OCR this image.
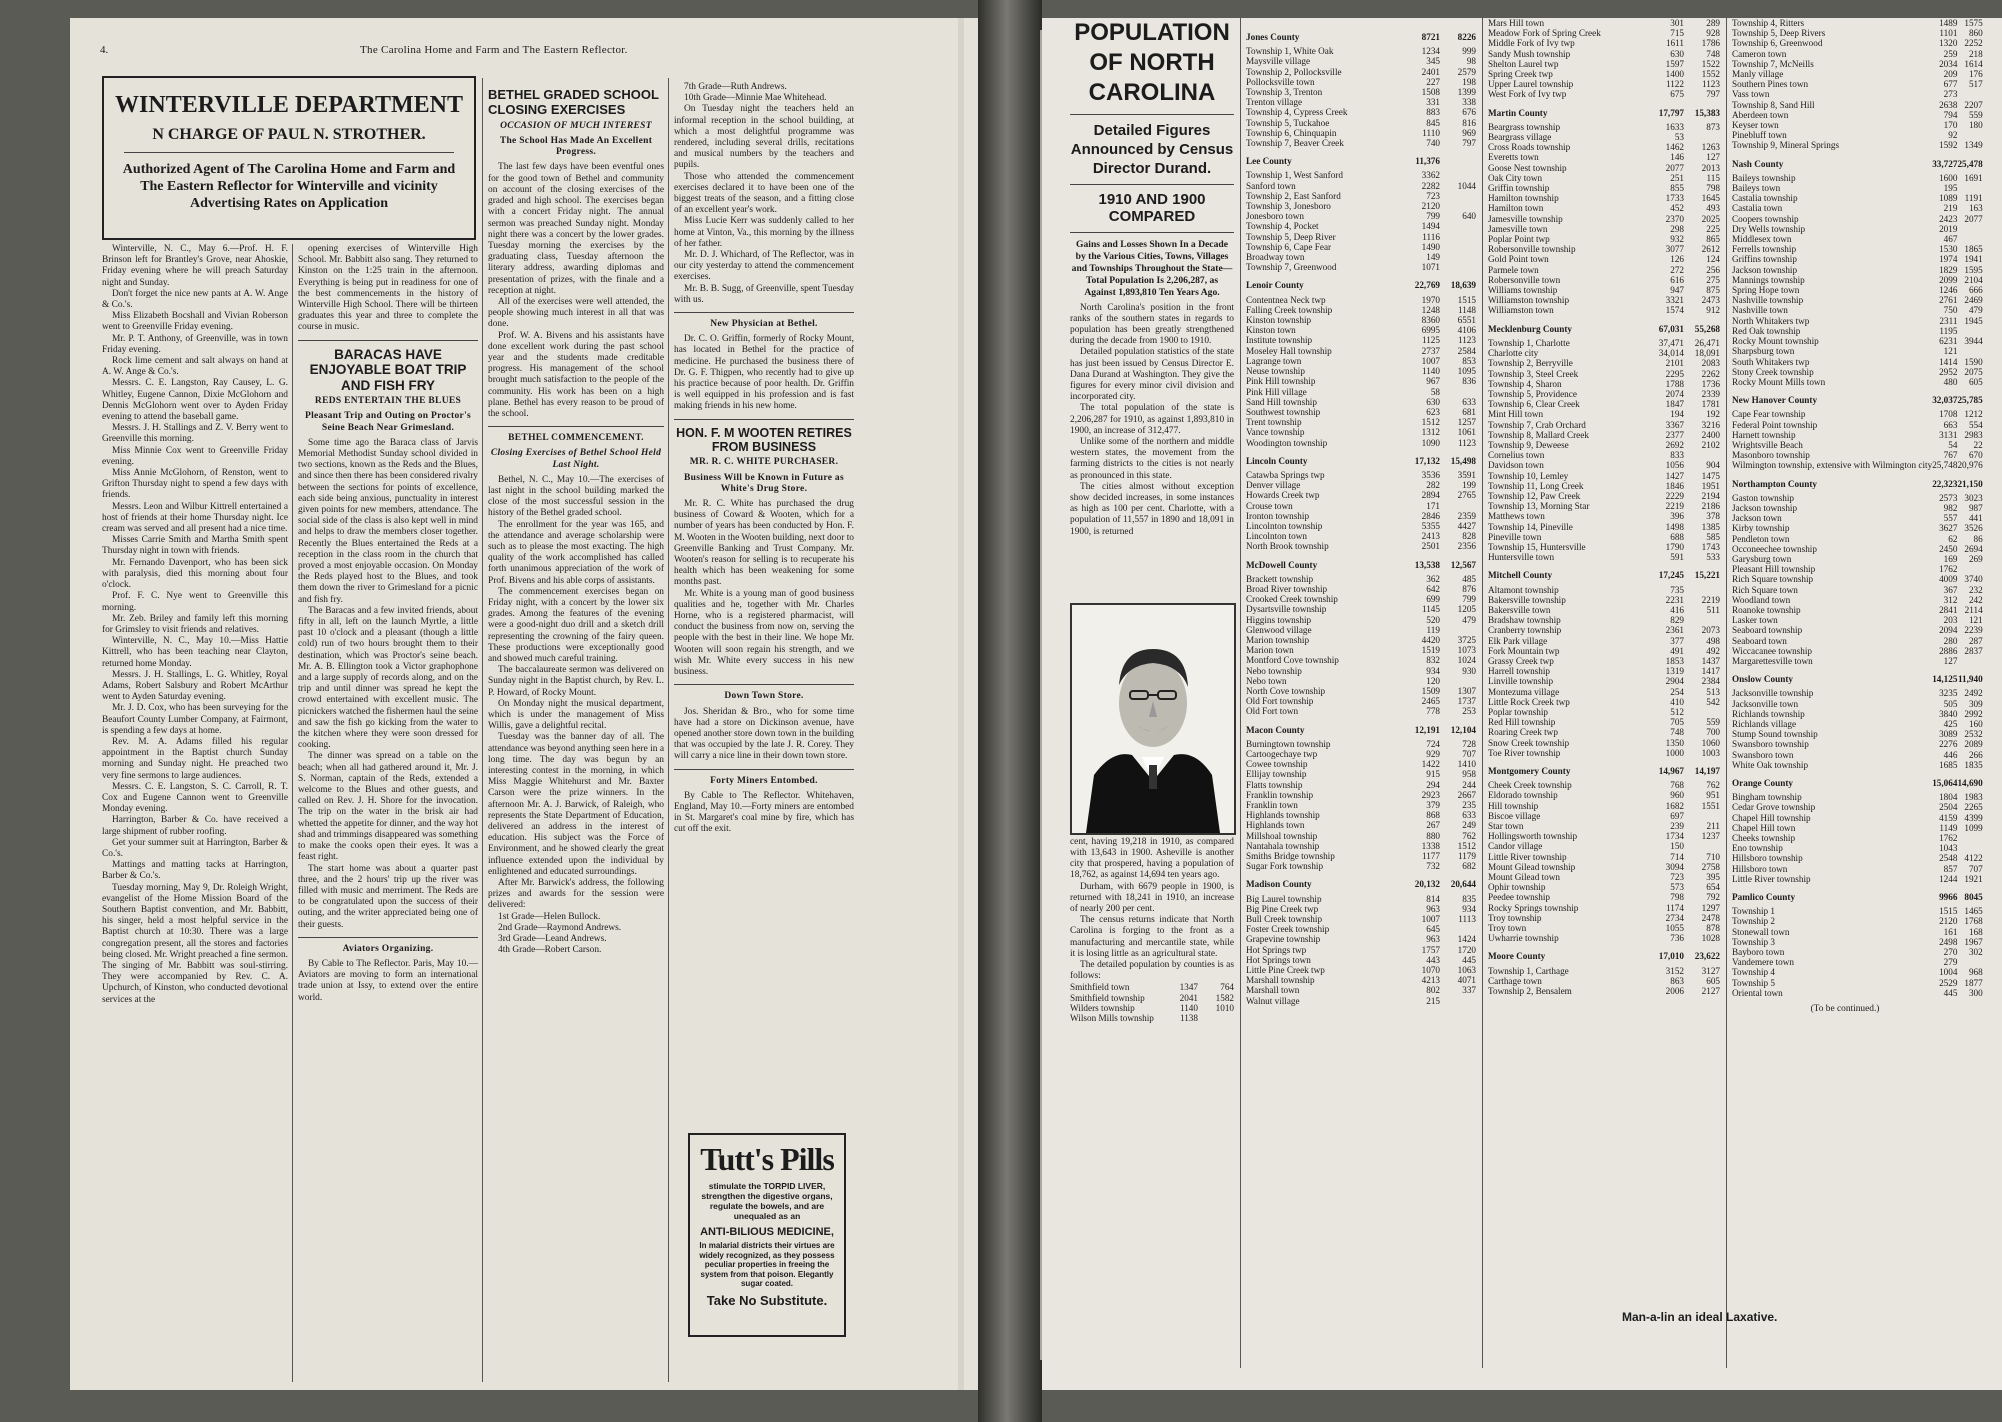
4.	The Carolina Home and Farm and The Eastern Reflector.
WINTERVILLE DEPARTMENT
N CHARGE OF PAUL N. STROTHER.
Authorized Agent of The Carolina Home and Farm and The Eastern Reflector for Winterville and vicinity Advertising Rates on Application

Winterville, N. C., May 6.—Prof. H. F. Brinson left for Brantley's Grove, near Ahoskie, Friday evening where he will preach Saturday night and Sunday.

Don't forget the nice new pants at A. W. Ange & Co.'s.

Miss Elizabeth Bocshall and Vivian Roberson went to Greenville Friday evening.

Mr. P. T. Anthony, of Greenville, was in town Friday evening.

Rock lime cement and salt always on hand at A. W. Ange & Co.'s.

Messrs. C. E. Langston, Ray Causey, L. G. Whitley, Eugene Cannon, Dixie McGlohorn and Dennis McGlohorn went over to Ayden Friday evening to attend the baseball game.

Messrs. J. H. Stallings and Z. V. Berry went to Greenville this morning.

Miss Minnie Cox went to Greenville Friday evening.

Miss Annie McGlohorn, of Renston, went to Grifton Thursday night to spend a few days with friends.

Messrs. Leon and Wilbur Kittrell entertained a host of friends at their home Thursday night. Ice cream was served and all present had a nice time.

Misses Carrie Smith and Martha Smith spent Thursday night in town with friends.

Mr. Fernando Davenport, who has been sick with paralysis, died this morning about four o'clock.

Prof. F. C. Nye went to Greenville this morning.

Mr. Zeb. Briley and family left this morning for Grimsley to visit friends and relatives.

Winterville, N. C., May 10.—Miss Hattie Kittrell, who has been teaching near Clayton, returned home Monday.

Messrs. J. H. Stallings, L. G. Whitley, Royal Adams, Robert Salsbury and Robert McArthur went to Ayden Saturday evening.

Mr. J. D. Cox, who has been surveying for the Beaufort County Lumber Company, at Fairmont, is spending a few days at home.

Rev. M. A. Adams filled his regular appointment in the Baptist church Sunday morning and Sunday night. He preached two very fine sermons to large audiences.

Messrs. C. E. Langston, S. C. Carroll, R. T. Cox and Eugene Cannon went to Greenville Monday evening.

Harrington, Barber & Co. have received a large shipment of rubber roofing.

Get your summer suit at Harrington, Barber & Co.'s.

Mattings and matting tacks at Harrington, Barber & Co.'s.

Tuesday morning, May 9, Dr. Roleigh Wright, evangelist of the Home Mission Board of the Southern Baptist convention, and Mr. Babbitt, his singer, held a most helpful service in the Baptist church at 10:30. There was a large congregation present, all the stores and factories being closed. Mr. Wright preached a fine sermon. The singing of Mr. Babbitt was soul-stirring. They were accompanied by Rev. C. A. Upchurch, of Kinston, who conducted devotional services at the

opening exercises of Winterville High School. Mr. Babbitt also sang. They returned to Kinston on the 1:25 train in the afternoon. Everything is being put in readiness for one of the best commencements in the history of Winterville High School. There will be thirteen graduates this year and three to complete the course in music.

BARACAS HAVE ENJOYABLE BOAT TRIP AND FISH FRY
REDS ENTERTAIN THE BLUES
Pleasant Trip and Outing on Proctor's Seine Beach Near Grimesland.

Some time ago the Baraca class of Jarvis Memorial Methodist Sunday school divided in two sections, known as the Reds and the Blues, and since then there has been considered rivalry between the sections for points of excellence, each side being anxious, punctuality in interest given points for new members, attendance. The social side of the class is also kept well in mind and helps to draw the members closer together. Recently the Blues entertained the Reds at a reception in the class room in the church that proved a most enjoyable occasion. On Monday the Reds played host to the Blues, and took them down the river to Grimesland for a picnic and fish fry.

The Baracas and a few invited friends, about fifty in all, left on the launch Myrtle, a little past 10 o'clock and a pleasant (though a little cold) run of two hours brought them to their destination, which was Proctor's seine beach. Mr. A. B. Ellington took a Victor graphophone and a large supply of records along, and on the trip and until dinner was spread he kept the crowd entertained with excellent music. The picnickers watched the fishermen haul the seine and saw the fish go kicking from the water to the kitchen where they were soon dressed for cooking.

The dinner was spread on a table on the beach; when all had gathered around it, Mr. J. S. Norman, captain of the Reds, extended a welcome to the Blues and other guests, and called on Rev. J. H. Shore for the invocation. The trip on the water in the brisk air had whetted the appetite for dinner, and the way hot shad and trimmings disappeared was something to make the cooks open their eyes. It was a feast right.

The start home was about a quarter past three, and the 2 hours' trip up the river was filled with music and merriment. The Reds are to be congratulated upon the success of their outing, and the writer appreciated being one of their guests.

Aviators Organizing.

By Cable to The Reflector. Paris, May 10.—Aviators are moving to form an international trade union at Issy, to extend over the entire world.

BETHEL GRADED SCHOOL CLOSING EXERCISES
OCCASION OF MUCH INTEREST
The School Has Made An Excellent Progress.

The last few days have been eventful ones for the good town of Bethel and community on account of the closing exercises of the graded and high school. The exercises began with a concert Friday night. The annual sermon was preached Sunday night. Monday night there was a concert by the lower grades. Tuesday morning the exercises by the graduating class, Tuesday afternoon the literary address, awarding diplomas and presentation of prizes, with the finale and a reception at night.

All of the exercises were well attended, the people showing much interest in all that was done.

Prof. W. A. Bivens and his assistants have done excellent work during the past school year and the students made creditable progress. His management of the school brought much satisfaction to the people of the community. His work has been on a high plane. Bethel has every reason to be proud of the school.

BETHEL COMMENCEMENT.
Closing Exercises of Bethel School Held Last Night.

Bethel, N. C., May 10.—The exercises of last night in the school building marked the close of the most successful session in the history of the Bethel graded school.

The enrollment for the year was 165, and the attendance and average scholarship were such as to please the most exacting. The high quality of the work accomplished has called forth unanimous appreciation of the work of Prof. Bivens and his able corps of assistants.

The commencement exercises began on Friday night, with a concert by the lower six grades. Among the features of the evening were a good-night duo drill and a sketch drill representing the crowning of the fairy queen. These productions were exceptionally good and showed much careful training.

The baccalaureate sermon was delivered on Sunday night in the Baptist church, by Rev. L. P. Howard, of Rocky Mount.

On Monday night the musical department, which is under the management of Miss Willis, gave a delightful recital.

Tuesday was the banner day of all. The attendance was beyond anything seen here in a long time. The day was begun by an interesting contest in the morning, in which Miss Maggie Whitehurst and Mr. Baxter Carson were the prize winners. In the afternoon Mr. A. J. Barwick, of Raleigh, who represents the State Department of Education, delivered an address in the interest of education. His subject was the Force of Environment, and he showed clearly the great influence extended upon the individual by enlightened and educated surroundings.

After Mr. Barwick's address, the following prizes and awards for the session were delivered:

1st Grade—Helen Bullock.

2nd Grade—Raymond Andrews.

3rd Grade—Leand Andrews.

4th Grade—Robert Carson.

7th Grade—Ruth Andrews.

10th Grade—Minnie Mae Whitehead.

On Tuesday night the teachers held an informal reception in the school building, at which a most delightful programme was rendered, including several drills, recitations and musical numbers by the teachers and pupils.

Those who attended the commencement exercises declared it to have been one of the biggest treats of the season, and a fitting close of an excellent year's work.

Miss Lucie Kerr was suddenly called to her home at Vinton, Va., this morning by the illness of her father.

Mr. D. J. Whichard, of The Reflector, was in our city yesterday to attend the commencement exercises.

Mr. B. B. Sugg, of Greenville, spent Tuesday with us.

New Physician at Bethel.

Dr. C. O. Griffin, formerly of Rocky Mount, has located in Bethel for the practice of medicine. He purchased the business there of Dr. G. F. Thigpen, who recently had to give up his practice because of poor health. Dr. Griffin is well equipped in his profession and is fast making friends in his new home.

HON. F. M WOOTEN RETIRES FROM BUSINESS
MR. R. C. WHITE PURCHASER.
Business Will be Known in Future as White's Drug Store.

Mr. R. C. White has purchased the drug business of Coward & Wooten, which for a number of years has been conducted by Hon. F. M. Wooten in the Wooten building, next door to Greenville Banking and Trust Company. Mr. Wooten's reason for selling is to recuperate his health which has been weakening for some months past.

Mr. White is a young man of good business qualities and he, together with Mr. Charles Horne, who is a registered pharmacist, will conduct the business from now on, serving the people with the best in their line. We hope Mr. Wooten will soon regain his strength, and we wish Mr. White every success in his new business.

Down Town Store.

Jos. Sheridan & Bro., who for some time have had a store on Dickinson avenue, have opened another store down town in the building that was occupied by the late J. R. Corey. They will carry a nice line in their down town store.

Forty Miners Entombed.

By Cable to The Reflector. Whitehaven, England, May 10.—Forty miners are entombed in St. Margaret's coal mine by fire, which has cut off the exit.

Tutt's Pills
stimulate the TORPID LIVER, strengthen the digestive organs, regulate the bowels, and are unequaled as an
ANTI-BILIOUS MEDICINE,
In malarial districts their virtues are widely recognized, as they possess peculiar properties in freeing the system from that poison. Elegantly sugar coated.
Take No Substitute.
POPULATION OF NORTH CAROLINA
Detailed Figures Announced by Census Director Durand.
1910 AND 1900 COMPARED
Gains and Losses Shown In a Decade by the Various Cities, Towns, Villages and Townships Throughout the State—Total Population Is 2,206,287, as Against 1,893,810 Ten Years Ago.

North Carolina's position in the front ranks of the southern states in regards to population has been greatly strengthened during the decade from 1900 to 1910.

Detailed population statistics of the state has just been issued by Census Director E. Dana Durand at Washington. They give the figures for every minor civil division and incorporated city.

The total population of the state is 2,206,287 for 1910, as against 1,893,810 in 1900, an increase of 312,477.

Unlike some of the northern and middle western states, the movement from the farming districts to the cities is not nearly as pronounced in this state.

The cities almost without exception show decided increases, in some instances as high as 100 per cent. Charlotte, with a population of 11,557 in 1890 and 18,091 in 1900, is returned

cent, having 19,218 in 1910, as compared with 13,643 in 1900. Asheville is another city that prospered, having a population of 18,762, as against 14,694 ten years ago.

Durham, with 6679 people in 1900, is returned with 18,241 in 1910, an increase of nearly 200 per cent.

The census returns indicate that North Carolina is forging to the front as a manufacturing and mercantile state, while it is losing little as an agricultural state.

The detailed population by counties is as follows:

Smithfield town	1347	764
Smithfield township	2041	1582
Wilders township	1140	1010
Wilson Mills township	1138	
Jones County	8721	8226
Township 1, White Oak	1234	999
Maysville village	345	98
Township 2, Pollocksville	2401	2579
Pollocksville town	227	198
Township 3, Trenton	1508	1399
Trenton village	331	338
Township 4, Cypress Creek	883	676
Township 5, Tuckahoe	845	816
Township 6, Chinquapin	1110	969
Township 7, Beaver Creek	740	797
Lee County	11,376	
Township 1, West Sanford	3362	
Sanford town	2282	1044
Township 2, East Sanford	723	
Township 3, Jonesboro	2120	
Jonesboro town	799	640
Township 4, Pocket	1494	
Township 5, Deep River	1116	
Township 6, Cape Fear	1490	
Broadway town	149	
Township 7, Greenwood	1071	
Lenoir County	22,769	18,639
Contentnea Neck twp	1970	1515
Falling Creek township	1248	1148
Kinston township	8360	6551
Kinston town	6995	4106
Institute township	1125	1123
Moseley Hall township	2737	2584
Lagrange town	1007	853
Neuse township	1140	1095
Pink Hill township	967	836
Pink Hill village	58	
Sand Hill township	630	633
Southwest township	623	681
Trent township	1512	1257
Vance township	1312	1061
Woodington township	1090	1123
Lincoln County	17,132	15,498
Catawba Springs twp	3536	3591
Denver village	282	199
Howards Creek twp	2894	2765
Crouse town	171	
Ironton township	2846	2359
Lincolnton township	5355	4427
Lincolnton town	2413	828
North Brook township	2501	2356
McDowell County	13,538	12,567
Brackett township	362	485
Broad River township	642	876
Crooked Creek township	699	799
Dysartsville township	1145	1205
Higgins township	520	479
Glenwood village	119	
Marion township	4420	3725
Marion town	1519	1073
Montford Cove township	832	1024
Nebo township	934	930
Nebo town	120	
North Cove township	1509	1307
Old Fort township	2465	1737
Old Fort town	778	253
Macon County	12,191	12,104
Burningtown township	724	728
Cartoogechaye twp	929	707
Cowee township	1422	1410
Ellijay township	915	958
Flatts township	294	244
Franklin township	2923	2667
Franklin town	379	235
Highlands township	868	633
Highlands town	267	249
Millshoal township	880	762
Nantahala township	1338	1512
Smiths Bridge township	1177	1179
Sugar Fork township	732	682
Madison County	20,132	20,644
Big Laurel township	814	835
Big Pine Creek twp	963	934
Bull Creek township	1007	1113
Foster Creek township	645	
Grapevine township	963	1424
Hot Springs twp	1757	1720
Hot Springs town	443	445
Little Pine Creek twp	1070	1063
Marshall township	4213	4071
Marshall town	802	337
Walnut village	215	
Mars Hill town	301	289
Meadow Fork of Spring Creek	715	928
Middle Fork of Ivy twp	1611	1786
Sandy Mush township	630	748
Shelton Laurel twp	1597	1522
Spring Creek twp	1400	1552
Upper Laurel township	1122	1123
West Fork of Ivy twp	675	797
Martin County	17,797	15,383
Beargrass township	1633	873
Beargrass village	53	
Cross Roads township	1462	1263
Everetts town	146	127
Goose Nest township	2077	2013
Oak City town	251	115
Griffin township	855	798
Hamilton township	1733	1645
Hamilton town	452	493
Jamesville township	2370	2025
Jamesville town	298	225
Poplar Point twp	932	865
Robersonville township	3077	2612
Gold Point town	126	124
Parmele town	272	256
Robersonville town	616	275
Williams township	947	875
Williamston township	3321	2473
Williamston town	1574	912
Mecklenburg County	67,031	55,268
Township 1, Charlotte	37,471	26,471
Charlotte city	34,014	18,091
Township 2, Berryville	2101	2083
Township 3, Steel Creek	2295	2262
Township 4, Sharon	1788	1736
Township 5, Providence	2074	2339
Township 6, Clear Creek	1847	1781
Mint Hill town	194	192
Township 7, Crab Orchard	3367	3216
Township 8, Mallard Creek	2377	2400
Township 9, Deweese	2692	2102
Cornelius town	833	
Davidson town	1056	904
Township 10, Lemley	1427	1475
Township 11, Long Creek	1846	1951
Township 12, Paw Creek	2229	2194
Township 13, Morning Star	2219	2186
Matthews town	396	378
Township 14, Pineville	1498	1385
Pineville town	688	585
Township 15, Huntersville	1790	1743
Huntersville town	591	533
Mitchell County	17,245	15,221
Altamont township	735	
Bakersville township	2231	2219
Bakersville town	416	511
Bradshaw township	829	
Cranberry township	2361	2073
Elk Park village	377	498
Fork Mountain twp	491	492
Grassy Creek twp	1853	1437
Harrell township	1319	1417
Linville township	2904	2384
Montezuma village	254	513
Little Rock Creek twp	410	542
Poplar township	512	
Red Hill township	705	559
Roaring Creek twp	748	700
Snow Creek township	1350	1060
Toe River township	1000	1003
Montgomery County	14,967	14,197
Cheek Creek township	768	762
Eldorado township	960	951
Hill township	1682	1551
Biscoe village	697	
Star town	239	211
Hollingsworth township	1734	1237
Candor village	150	
Little River township	714	710
Mount Gilead township	3094	2758
Mount Gilead town	723	395
Ophir township	573	654
Peedee township	798	792
Rocky Springs township	1174	1297
Troy township	2734	2478
Troy town	1055	878
Uwharrie township	736	1028
Moore County	17,010	23,622
Township 1, Carthage	3152	3127
Carthage town	863	605
Township 2, Bensalem	2006	2127
Township 4, Ritters	1489	1575
Township 5, Deep Rivers	1101	860
Township 6, Greenwood	1320	2252
Cameron town	259	218
Township 7, McNeills	2034	1614
Manly village	209	176
Southern Pines town	677	517
Vass town	273	
Township 8, Sand Hill	2638	2207
Aberdeen town	794	559
Keyser town	170	180
Pinebluff town	92	
Township 9, Mineral Springs	1592	1349
Nash County	33,727	25,478
Baileys township	1600	1691
Baileys town	195	
Castalia township	1089	1191
Castalia town	219	163
Coopers township	2423	2077
Dry Wells township	2019	
Middlesex town	467	
Ferrells township	1530	1865
Griffins township	1974	1941
Jackson township	1829	1595
Mannings township	2099	2104
Spring Hope town	1246	666
Nashville township	2761	2469
Nashville town	750	479
North Whitakers twp	2311	1945
Red Oak township	1195	
Rocky Mount township	6231	3944
Sharpsburg town	121	
South Whitakers twp	1414	1590
Stony Creek township	2952	2075
Rocky Mount Mills town	480	605
New Hanover County	32,037	25,785
Cape Fear township	1708	1212
Federal Point township	663	554
Harnett township	3131	2983
Wrightsville Beach	54	22
Masonboro township	767	670
Wilmington township, extensive with Wilmington city	25,748	20,976
Northampton County	22,323	21,150
Gaston township	2573	3023
Jackson township	982	987
Jackson town	557	441
Kirby township	3627	3526
Pendleton town	62	86
Occoneechee township	2450	2694
Garysburg town	169	269
Pleasant Hill township	1762	
Rich Square township	4009	3740
Rich Square town	367	232
Woodland town	312	242
Roanoke township	2841	2114
Lasker town	203	121
Seaboard township	2094	2239
Seaboard town	280	287
Wiccacanee township	2886	2837
Margarettesville town	127	
Onslow County	14,125	11,940
Jacksonville township	3235	2492
Jacksonville town	505	309
Richlands township	3840	2992
Richlands village	425	160
Stump Sound township	3089	2532
Swansboro township	2276	2089
Swansboro town	446	266
White Oak township	1685	1835
Orange County	15,064	14,690
Bingham township	1804	1983
Cedar Grove township	2504	2265
Chapel Hill township	4159	4399
Chapel Hill town	1149	1099
Cheeks township	1762	
Eno township	1043	
Hillsboro township	2548	4122
Hillsboro town	857	707
Little River township	1244	1921
Pamlico County	9966	8045
Township 1	1515	1465
Township 2	2120	1768
Stonewall town	161	168
Township 3	2498	1967
Bayboro town	270	302
Vandemere town	279	
Township 4	1004	968
Township 5	2529	1877
Oriental town	445	300
(To be continued.)
Man-a-lin an ideal Laxative.
